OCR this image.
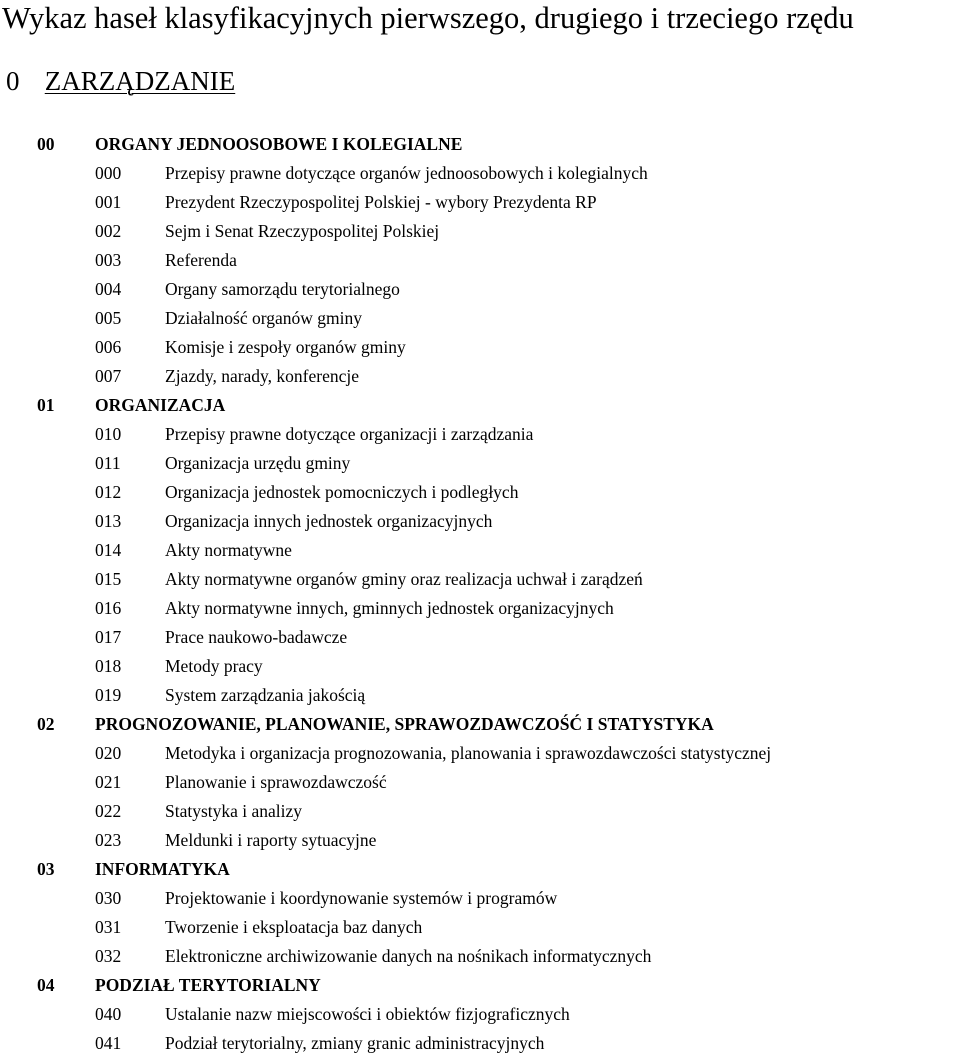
Wykaz haseł klasyfikacyjnych pierwszego, drugiego i trzeciego rzędu
0 ZARZĄDZANIE
00 ORGANY JEDNOOSOBOWE I KOLEGIALNE
000	Przepisy prawne dotyczące organów jednoosobowych i kolegialnych
001	Prezydent Rzeczypospolitej Polskiej - wybory Prezydenta RP
002	Sejm i Senat Rzeczypospolitej Polskiej
003	Referenda
004	Organy samorządu terytorialnego
005	Działalność organów gminy
006	Komisje i zespoły organów gminy
007	Zjazdy, narady, konferencje
01 ORGANIZACJA
010	Przepisy prawne dotyczące organizacji i zarządzania
011	Organizacja urzędu gminy
012	Organizacja jednostek pomocniczych i podległych
013	Organizacja innych jednostek organizacyjnych
014	Akty normatywne
015	Akty normatywne organów gminy oraz realizacja uchwał i zarądzeń
016	Akty normatywne innych, gminnych jednostek organizacyjnych
017	Prace naukowo-badawcze
018	Metody pracy
019	System zarządzania jakością
02 PROGNOZOWANIE, PLANOWANIE, SPRAWOZDAWCZOŚĆ I STATYSTYKA
020	Metodyka i organizacja prognozowania, planowania i sprawozdawczości statystycznej
021	Planowanie i sprawozdawczość
022	Statystyka i analizy
023	Meldunki i raporty sytuacyjne
03 INFORMATYKA
030	Projektowanie i koordynowanie systemów i programów
031	Tworzenie i eksploatacja baz danych
032	Elektroniczne archiwizowanie danych na nośnikach informatycznych
04 PODZIAŁ TERYTORIALNY
040	Ustalanie nazw miejscowości i obiektów fizjograficznych
041	Podział terytorialny, zmiany granic administracyjnych
